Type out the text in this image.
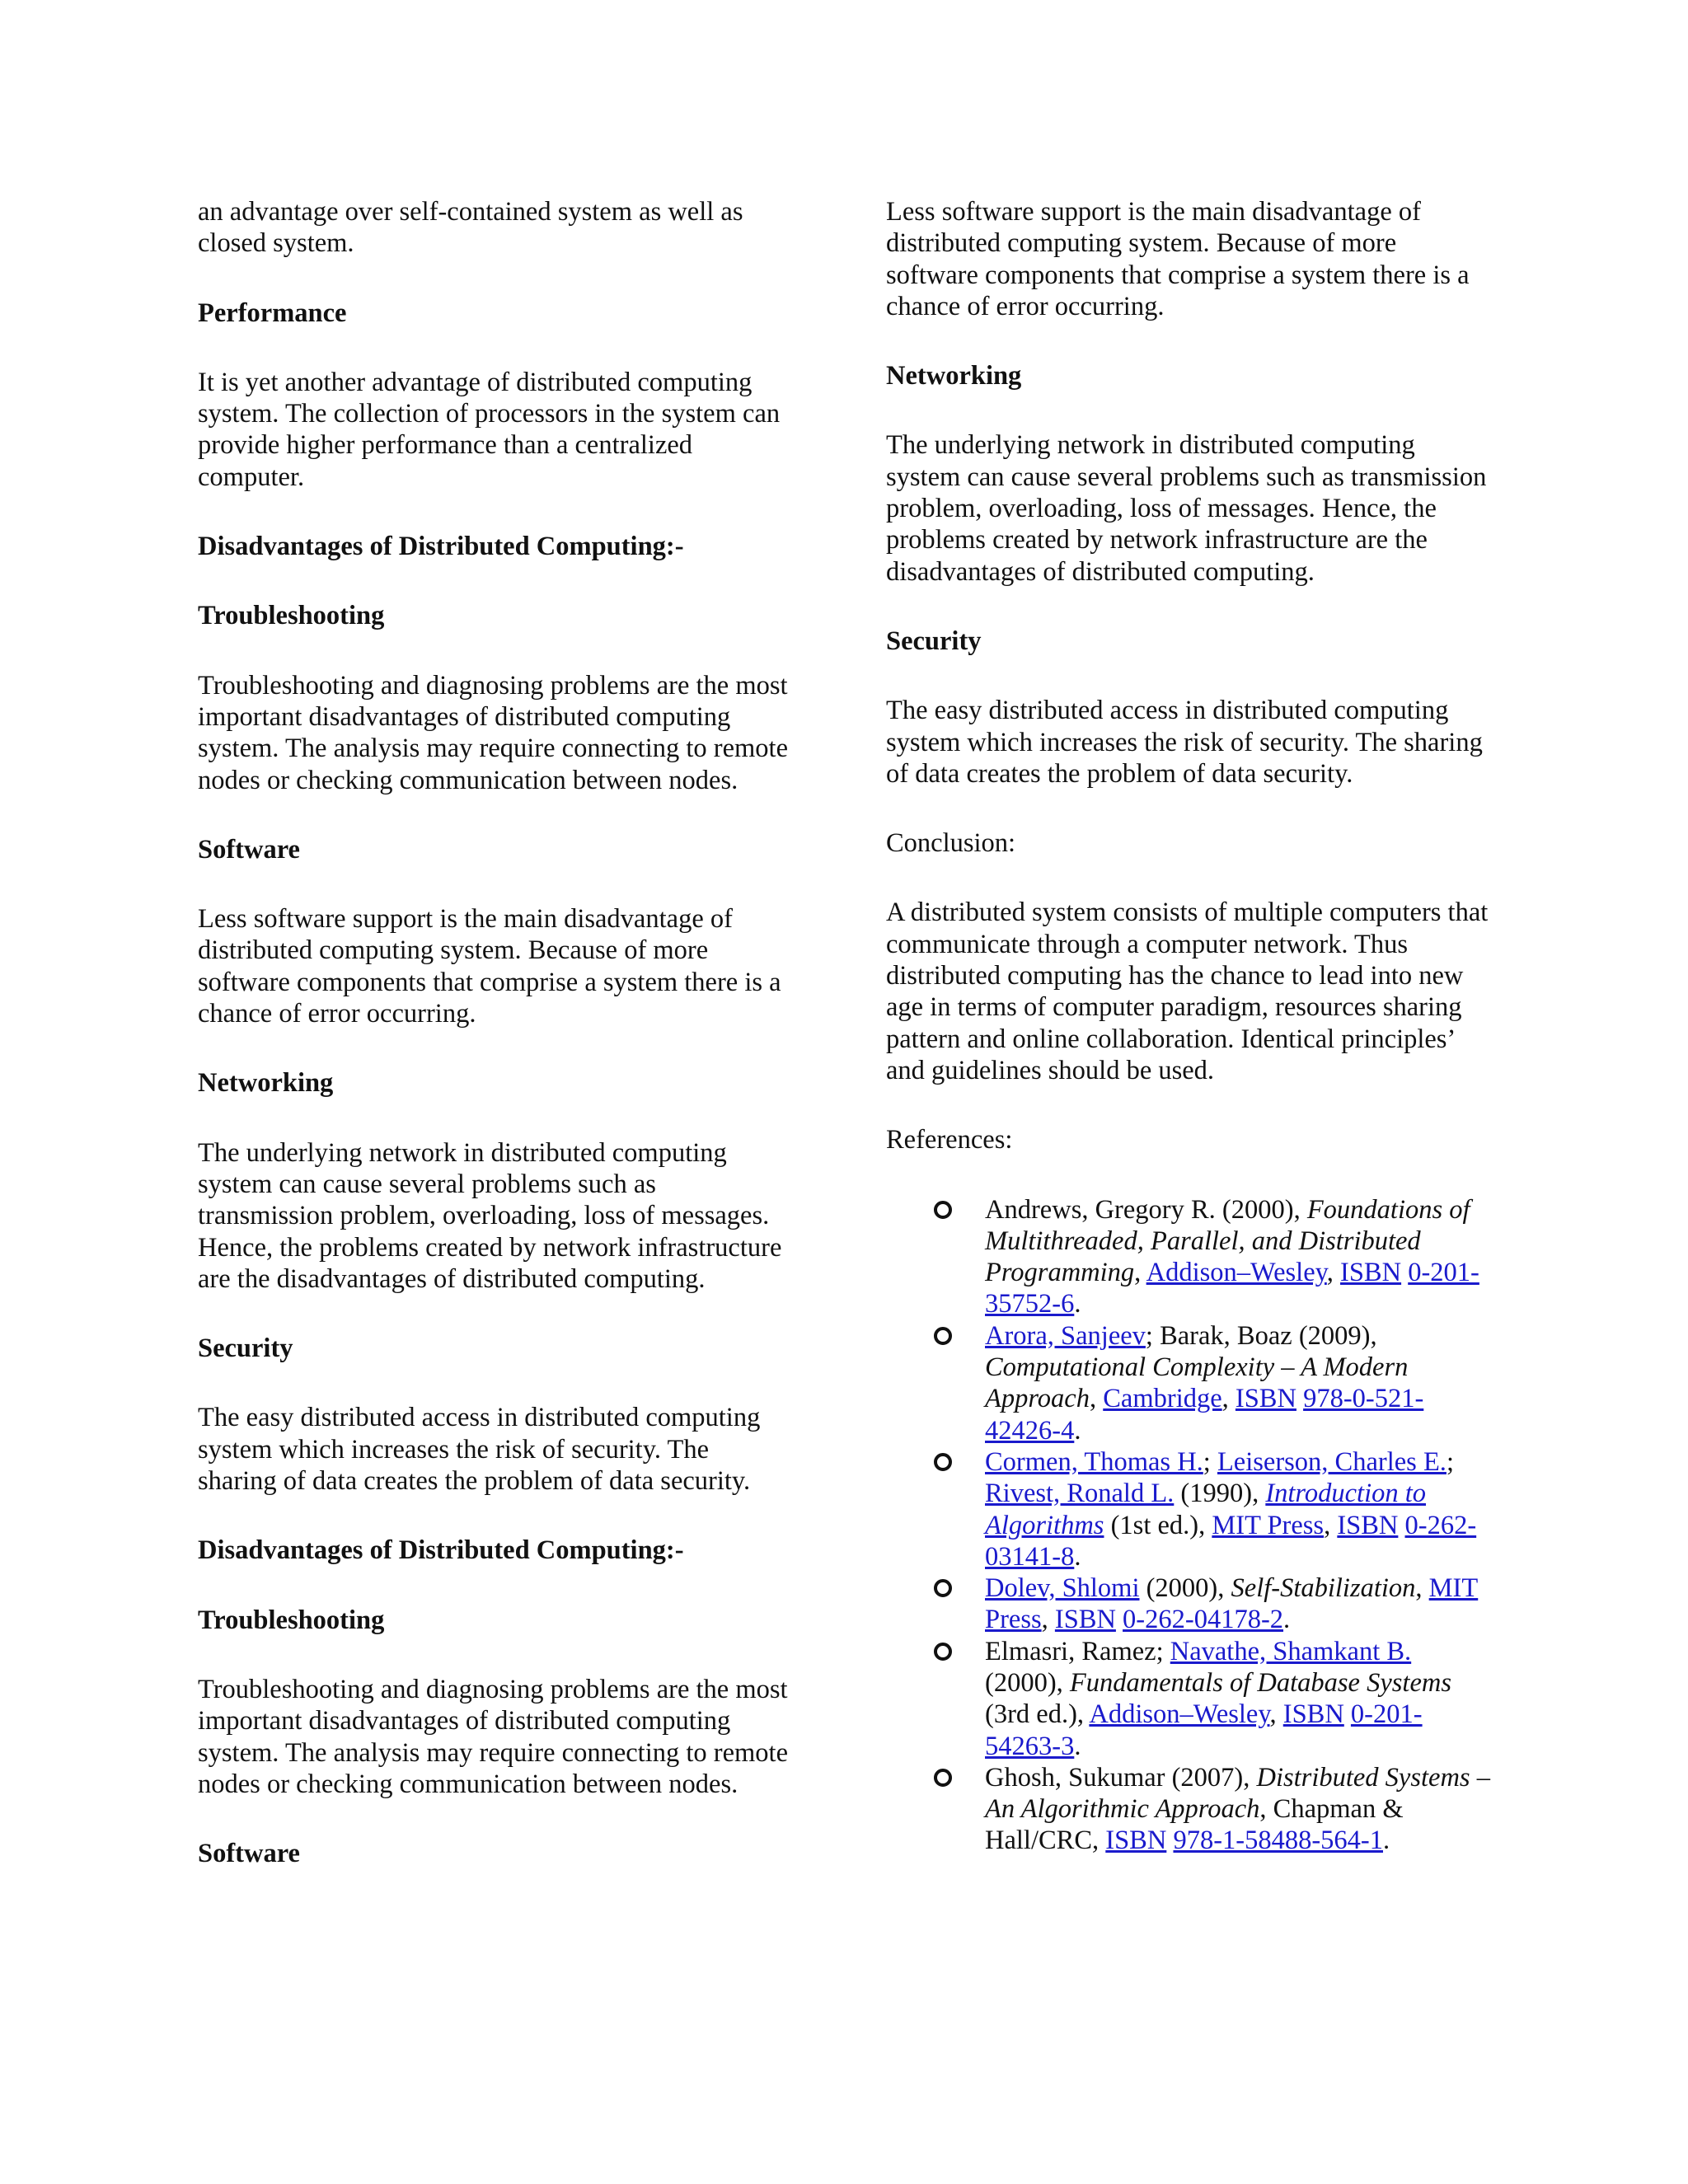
an advantage over self-contained system as well as closed system.

Performance

It is yet another advantage of distributed computing system. The collection of processors in the system can provide higher performance than a centralized computer.

Disadvantages of Distributed Computing:-

Troubleshooting

Troubleshooting and diagnosing problems are the most important disadvantages of distributed computing system. The analysis may require connecting to remote nodes or checking communication between nodes.

Software

Less software support is the main disadvantage of distributed computing system. Because of more software components that comprise a system there is a chance of error occurring.

Networking

The underlying network in distributed computing system can cause several problems such as transmission problem, overloading, loss of messages. Hence, the problems created by network infrastructure are the disadvantages of distributed computing.

Security

The easy distributed access in distributed computing system which increases the risk of security. The sharing of data creates the problem of data security.

Disadvantages of Distributed Computing:-

Troubleshooting

Troubleshooting and diagnosing problems are the most important disadvantages of distributed computing system. The analysis may require connecting to remote nodes or checking communication between nodes.

Software

Less software support is the main disadvantage of distributed computing system. Because of more software components that comprise a system there is a chance of error occurring.

Networking

The underlying network in distributed computing system can cause several problems such as transmission problem, overloading, loss of messages. Hence, the problems created by network infrastructure are the disadvantages of distributed computing.

Security

The easy distributed access in distributed computing system which increases the risk of security. The sharing of data creates the problem of data security.

Conclusion:

A distributed system consists of multiple computers that communicate through a computer network. Thus distributed computing has the chance to lead into new age in terms of computer paradigm, resources sharing pattern and online collaboration. Identical principles’ and guidelines should be used.

References:

Andrews, Gregory R. (2000), Foundations of Multithreaded, Parallel, and Distributed Programming, Addison–Wesley, ISBN 0-201-35752-6.
Arora, Sanjeev; Barak, Boaz (2009), Computational Complexity – A Modern Approach, Cambridge, ISBN 978-0-521-42426-4.
Cormen, Thomas H.; Leiserson, Charles E.; Rivest, Ronald L. (1990), Introduction to Algorithms (1st ed.), MIT Press, ISBN 0-262-03141-8.
Dolev, Shlomi (2000), Self-Stabilization, MIT Press, ISBN 0-262-04178-2.
Elmasri, Ramez; Navathe, Shamkant B. (2000), Fundamentals of Database Systems (3rd ed.), Addison–Wesley, ISBN 0-201-54263-3.
Ghosh, Sukumar (2007), Distributed Systems – An Algorithmic Approach, Chapman & Hall/CRC, ISBN 978-1-58488-564-1.
